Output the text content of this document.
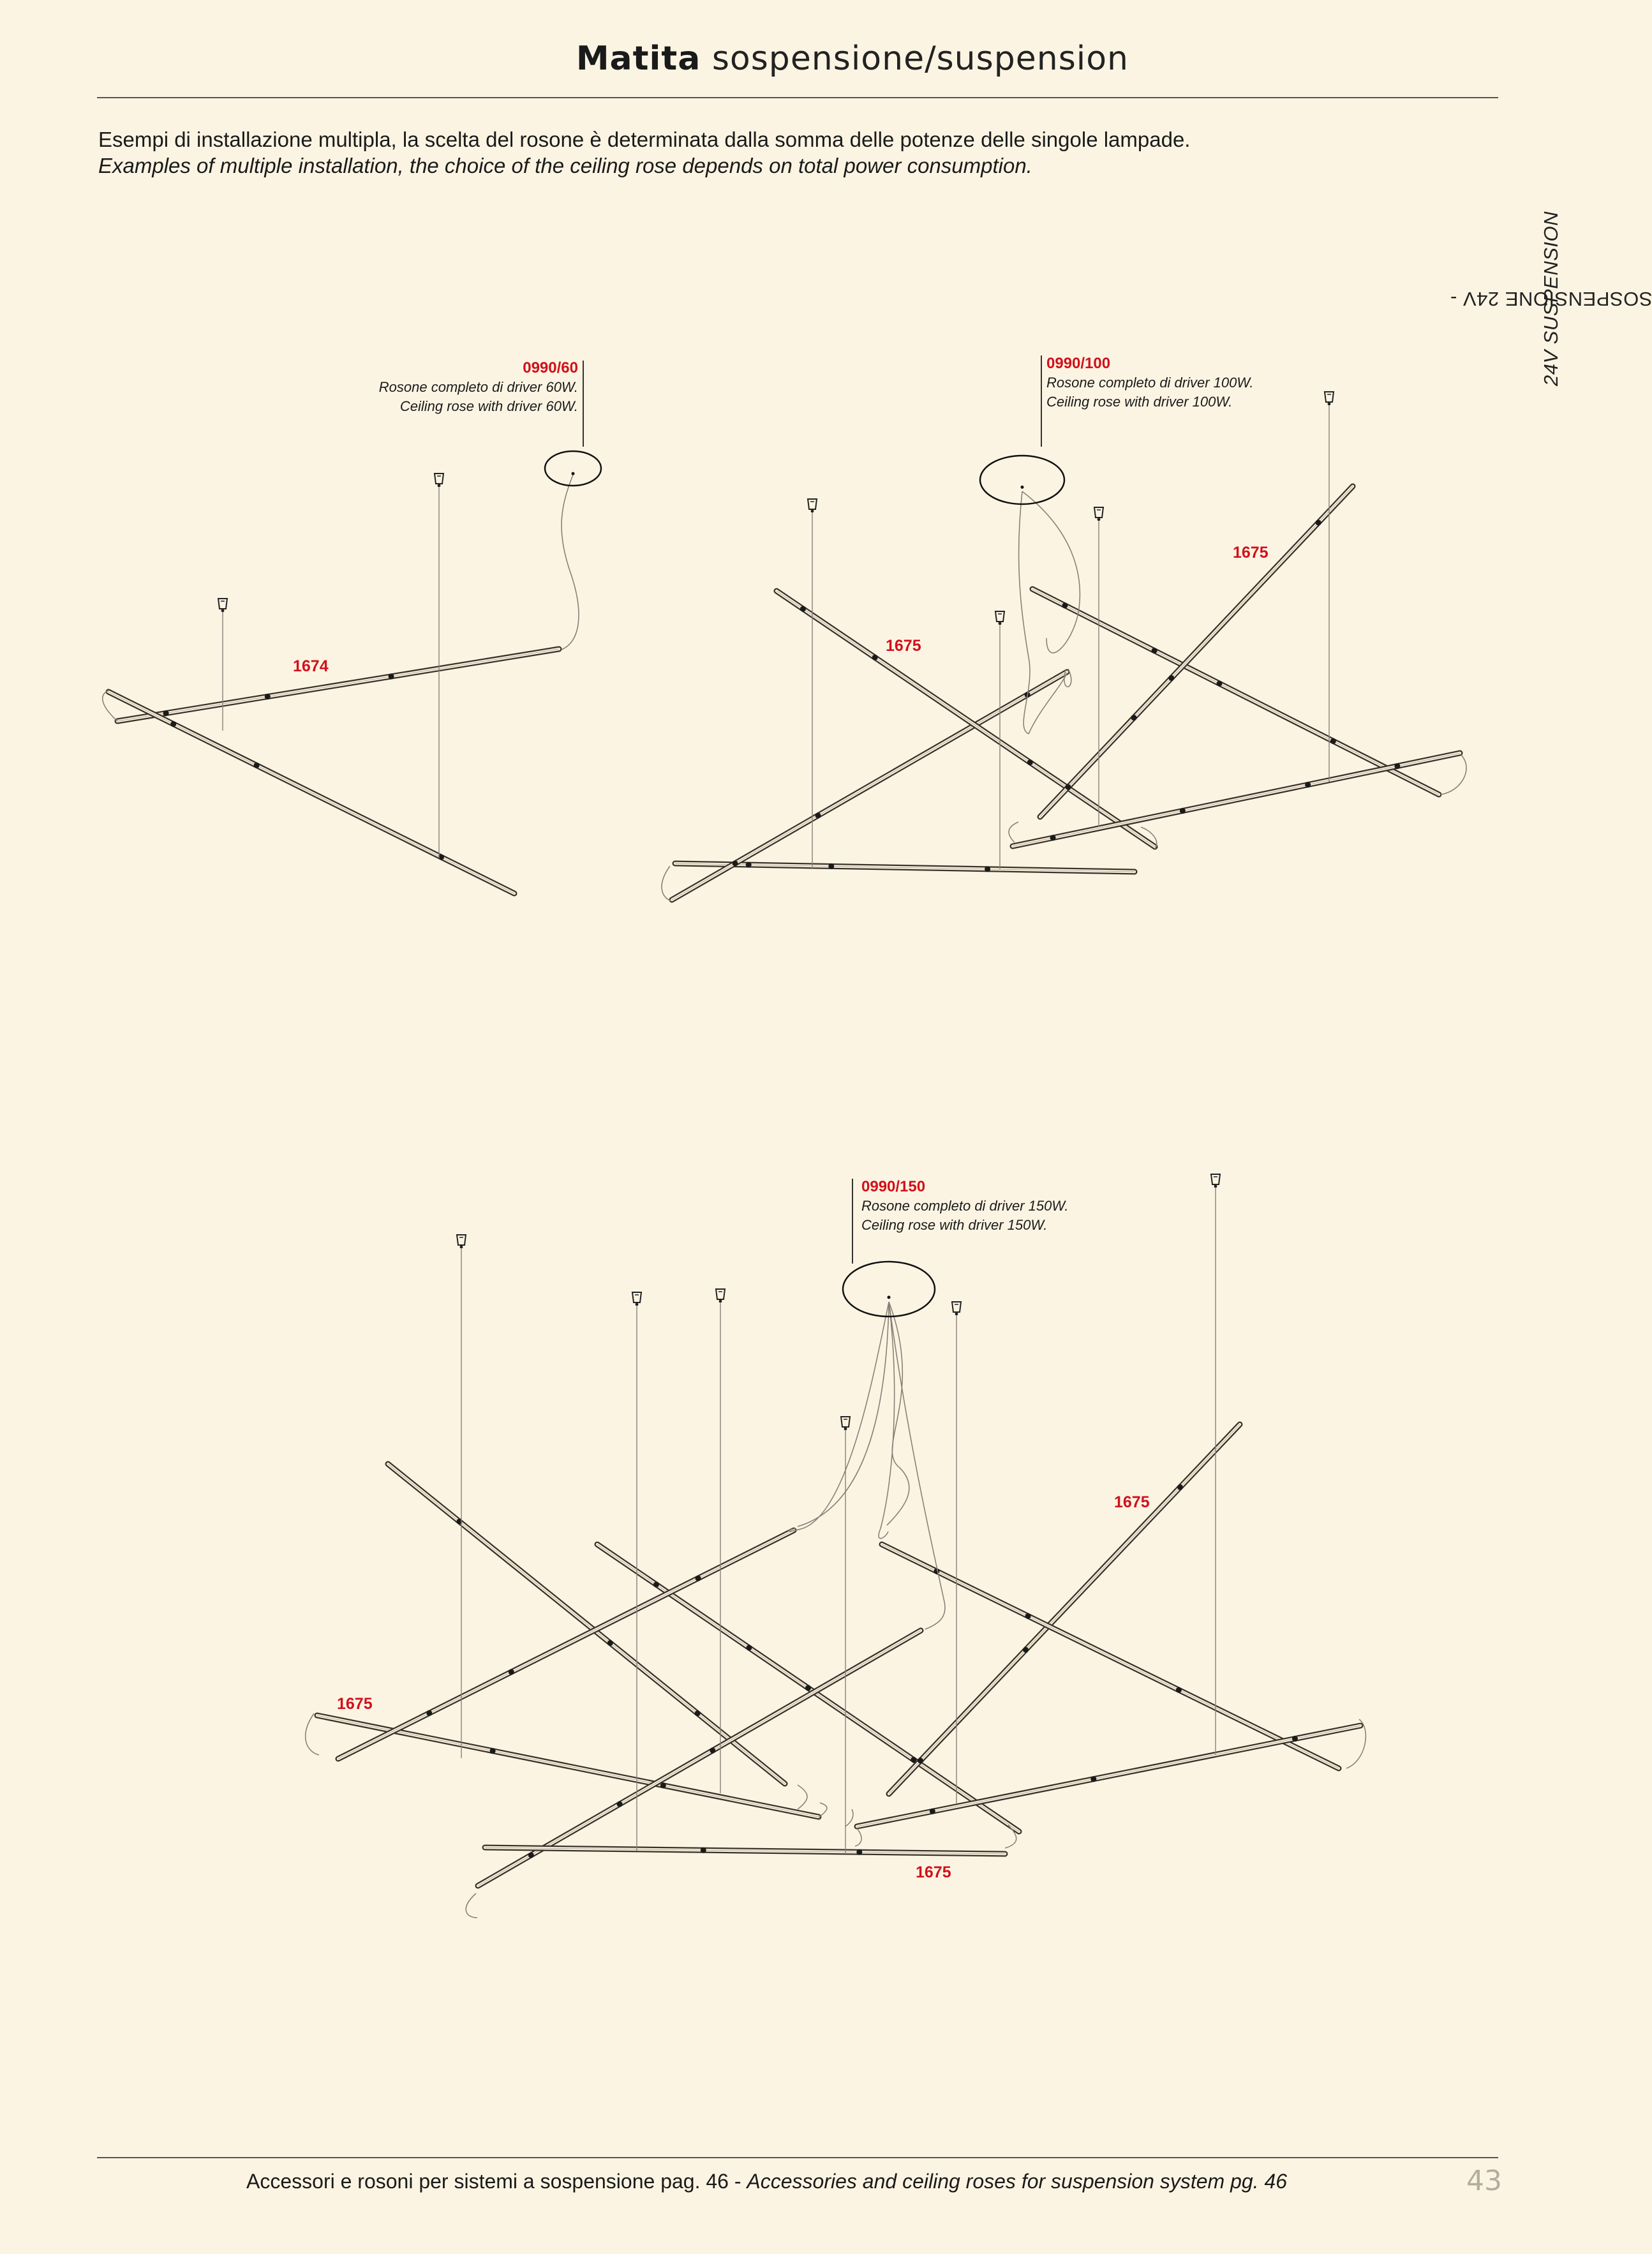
Matita sospensione/suspension
Esempi di installazione multipla, la scelta del rosone è determinata dalla somma delle potenze delle singole lampade.
Examples of multiple installation, the choice of the ceiling rose depends on total power consumption.
SOSPENSIONE 24V -
24V SUSPENSION
0990/60
Rosone completo di driver 60W.
Ceiling rose with driver 60W.
1674
0990/100
Rosone completo di driver 100W.
Ceiling rose with driver 100W.
1675
1675
0990/150
Rosone completo di driver 150W.
Ceiling rose with driver 150W.
1675
1675
1675
Accessori e rosoni per sistemi a sospensione pag. 46 - Accessories and ceiling roses for suspension system pg. 46	43
